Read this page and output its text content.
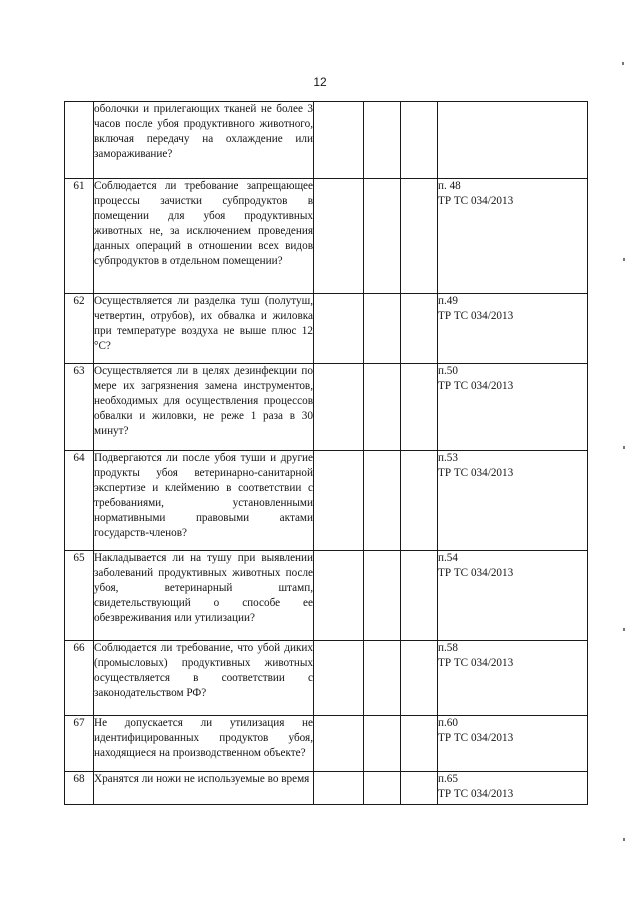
12
	оболочки и прилегающих тканей не более 3 часов после убоя продуктивного животного, включая передачу на охлаждение или замораживание?				

61	Соблюдается ли требование запрещающее процессы зачистки субпродуктов в помещении для убоя продуктивных животных не, за исключением проведения данных операций в отношении всех видов субпродуктов в отдельном помещении?				п. 48
ТР ТС 034/2013

62	Осуществляется ли разделка туш (полутуш, четвертин, отрубов), их обвалка и жиловка при температуре воздуха не выше плюс 12 °С?				п.49
ТР ТС 034/2013

63	Осуществляется ли в целях дезинфекции по мере их загрязнения замена инструментов, необходимых для осуществления процессов обвалки и жиловки, не реже 1 раза в 30 минут?				п.50
ТР ТС 034/2013

64	Подвергаются ли после убоя туши и другие продукты убоя ветеринарно-санитарной экспертизе и клеймению в соответствии с требованиями, установленными нормативными правовыми актами государств-членов?				п.53
ТР ТС 034/2013

65	Накладывается ли на тушу при выявлении заболеваний продуктивных животных после убоя, ветеринарный штамп, свидетельствующий о способе ее обезвреживания или утилизации?				п.54
ТР ТС 034/2013

66	Соблюдается ли требование, что убой диких (промысловых) продуктивных животных осуществляется в соответствии с законодательством РФ?				п.58
ТР ТС 034/2013

67	Не допускается ли утилизация не идентифицированных продуктов убоя, находящиеся на производственном объекте?				п.60
ТР ТС 034/2013

68	Хранятся ли ножи не используемые во время				п.65
ТР ТС 034/2013
